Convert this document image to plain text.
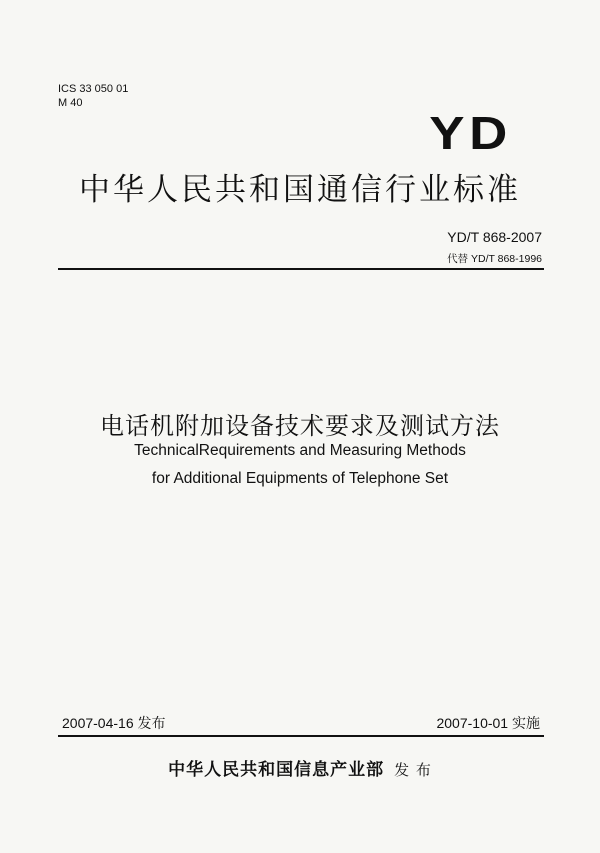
ICS 33 050 01
M 40
YD
中华人民共和国通信行业标准
YD/T 868-2007
代替 YD/T 868-1996
电话机附加设备技术要求及测试方法
TechnicalRequirements and Measuring Methods
for Additional Equipments of Telephone Set
2007-04-16 发布	2007-10-01 实施
中华人民共和国信息产业部 发 布
